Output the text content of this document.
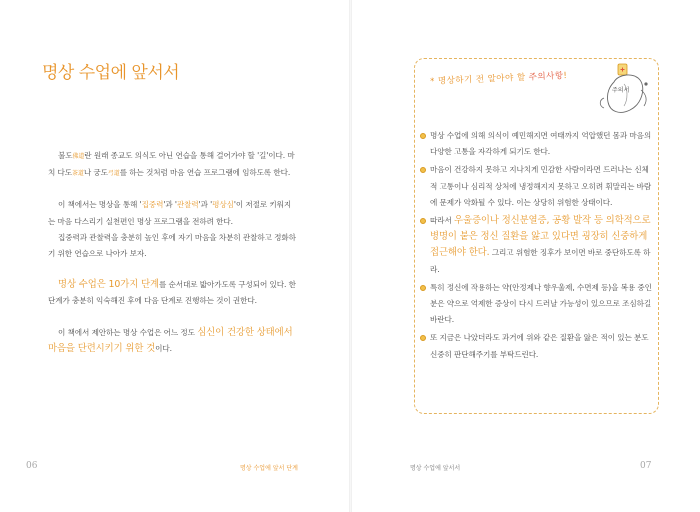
명상 수업에 앞서서

불도佛道란 원래 종교도 의식도 아닌 연습을 통해 걸어가야 할 '길'이다. 마치 다도茶道나 궁도弓道를 하는 것처럼 마음 연습 프로그램에 임하도록 한다.

이 책에서는 명상을 통해 '집중력'과 '관찰력'과 '평상심'이 저절로 키워지는 마음 다스리기 실천편인 명상 프로그램을 전하려 한다.

집중력과 관찰력을 충분히 높인 후에 자기 마음을 차분히 관찰하고 정화하기 위한 연습으로 나아가 보자.

명상 수업은 10가지 단계를 순서대로 밟아가도록 구성되어 있다. 한 단계가 충분히 익숙해진 후에 다음 단계로 진행하는 것이 권한다.

이 책에서 제안하는 명상 수업은 어느 정도 심신이 건강한 상태에서 마음을 단련시키기 위한 것이다.

06	명상 수업에 앞서 단계
* 명상하기 전 알아야 할 주의사항!
주의서
명상 수업에 의해 의식이 예민해지면 여태까지 억압했던 몸과 마음의 다양한 고통을 자각하게 되기도 한다.
마음이 건강하지 못하고 지나치게 민감한 사람이라면 드러나는 신체적 고통이나 심리적 상처에 냉정해지지 못하고 오히려 휘말리는 바람에 문제가 악화될 수 있다. 이는 상당히 위험한 상태이다.
따라서 우울증이나 정신분열증, 공황 발작 등 의학적으로 병명이 붙은 정신 질환을 앓고 있다면 굉장히 신중하게 접근해야 한다. 그리고 위험한 징후가 보이면 바로 중단하도록 하라.
특히 정신에 작용하는 약(안정제나 향우울제, 수면제 등)을 복용 중인 분은 약으로 억제한 증상이 다시 드러날 가능성이 있으므로 조심하길 바란다.
또 지금은 나았더라도 과거에 위와 같은 질환을 앓은 적이 있는 분도 신중히 판단해주기를 부탁드린다.
07
명상 수업에 앞서서
